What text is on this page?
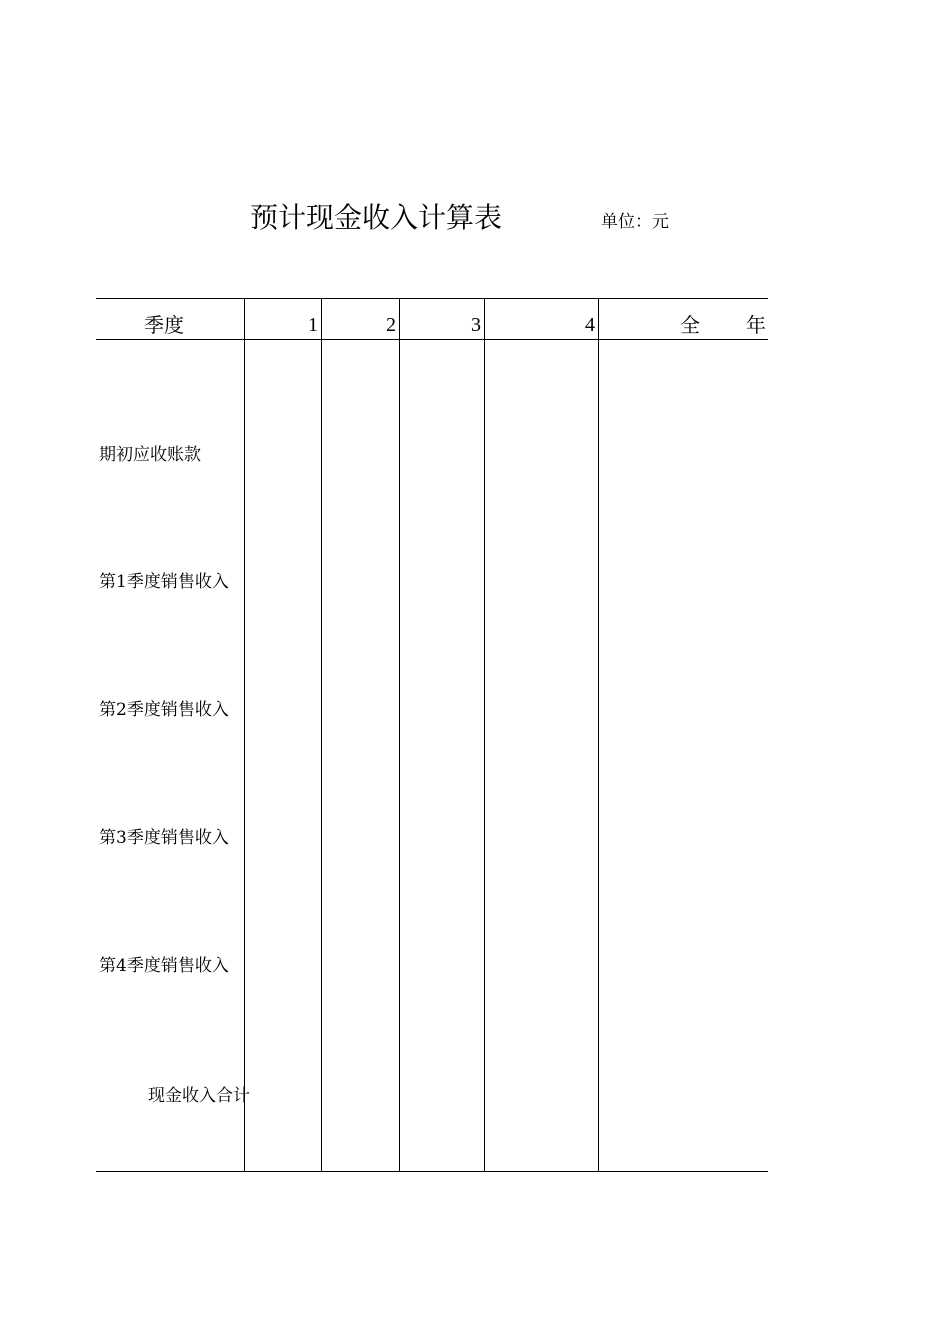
预计现金收入计算表	单位：元
季度	1	2	3	4	全 年
期初应收账款
第1季度销售收入
第2季度销售收入
第3季度销售收入
第4季度销售收入
现金收入合计
